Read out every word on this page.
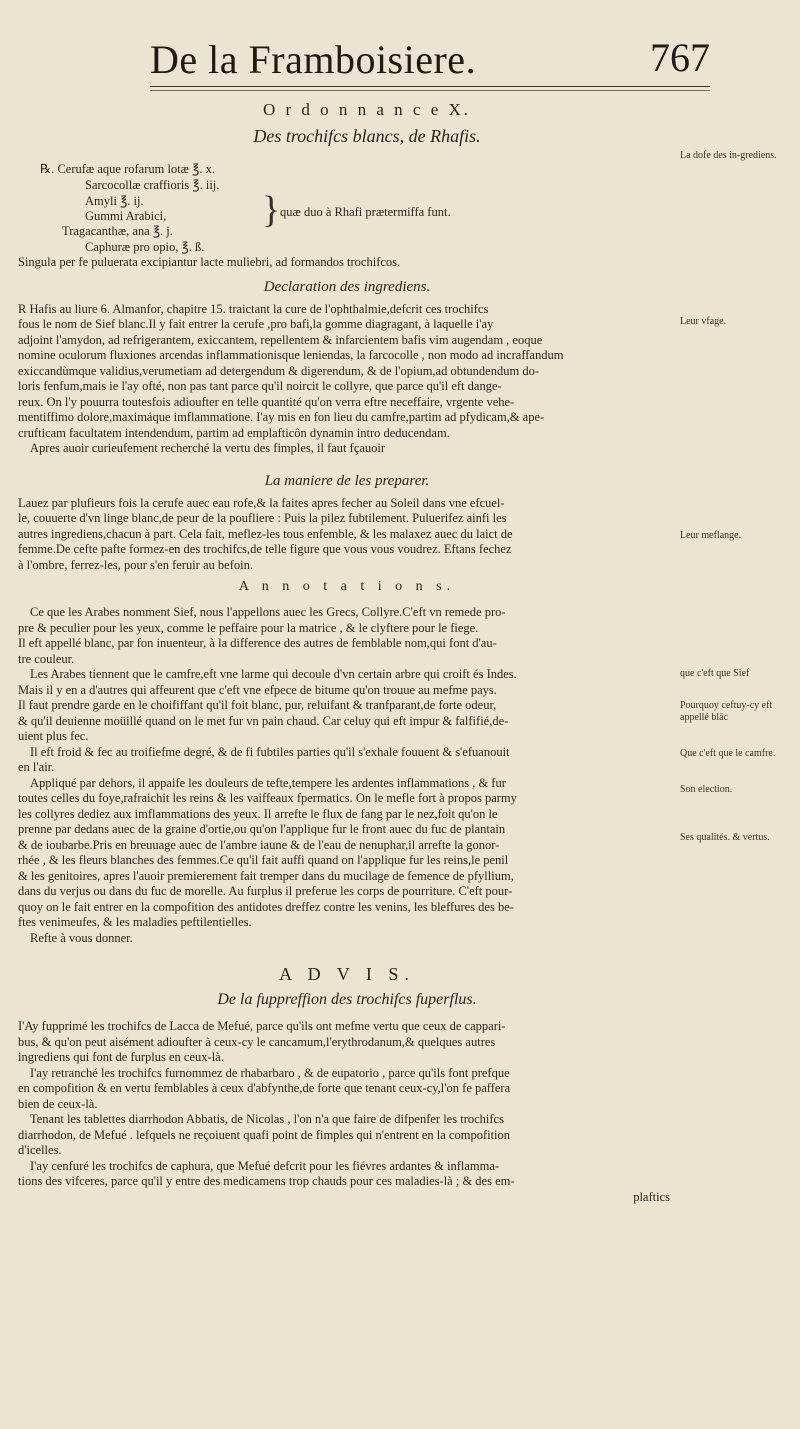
De la Framboisiere.	767
O r d o n n a n c e X.
Des trochifcs blancs, de Rhafis.
℞. Cerufæ aque rofarum lotæ ℥. x.
Sarcocollæ craffioris ℥. iij.
Amyli ℥. ij.
Gummi Arabici,
Tragacanthæ, ana ℥. j. } quæ duo à Rhafi prætermiffa funt.
Caphuræ pro opio, ℥. ß.
Singula per fe puluerata excipiantur lacte muliebri, ad formandos trochifcos.
Declaration des ingrediens.
R Hafis au liure 6. Almanfor, chapitre 15. traictant la cure de l'ophthalmie,defcrit ces trochifcs
fous le nom de Sief blanc.Il y fait entrer la cerufe ,pro bafi,la gomme diagragant, à laquelle i'ay
adjoint l'amydon, ad refrigerantem, exiccantem, repellentem & infarcientem bafis vim augendam , eoque
nomine oculorum fluxiones arcendas inflammationisque leniendas, la farcocolle , non modo ad incraffandum
exiccandùmque validius,verumetiam ad detergendum & digerendum, & de l'opium,ad obtundendum do-
loris fenfum,mais ie l'ay ofté, non pas tant parce qu'il noircit le collyre, que parce qu'il eft dange-
reux. On l'y pouurra toutesfois adioufter en telle quantité qu'on verra eftre neceffaire, vrgente vehe-
mentiffimo dolore,maximáque imflammatione. I'ay mis en fon lieu du camfre,partim ad pfydicam,& ape-
crufticam facultatem intendendum, partim ad emplafticôn dynamin intro deducendam.
Apres auoir curieufement recherché la vertu des fimples, il faut fçauoir
La maniere de les preparer.
Lauez par plufieurs fois la cerufe auec eau rofe,& la faites apres fecher au Soleil dans vne efcuel-
le, couuerte d'vn linge blanc,de peur de la poufliere : Puis la pilez fubtilement. Puluerifez ainfi les
autres ingrediens,chacun à part. Cela fait, meflez-les tous enfemble, & les malaxez auec du laict de
femme.De cefte pafte formez-en des trochifcs,de telle figure que vous vous voudrez. Eftans fechez
à l'ombre, ferrez-les, pour s'en feruir au befoin.
A n n o t a t i o n s.
Ce que les Arabes nomment Sief, nous l'appellons auec les Grecs, Collyre.C'eft vn remede pro-
pre & peculier pour les yeux, comme le peffaire pour la matrice , & le clyftere pour le fiege.
Il eft appellé blanc, par fon inuenteur, à la difference des autres de femblable nom,qui font d'au-
tre couleur.
Les Arabes tiennent que le camfre,eft vne larme qui decoule d'vn certain arbre qui croift és Indes.
Mais il y en a d'autres qui affeurent que c'eft vne efpece de bitume qu'on trouue au mefme pays.
Il faut prendre garde en le choififfant qu'il foit blanc, pur, reluifant & tranfparant,de forte odeur,
& qu'il deuienne moüillé quand on le met fur vn pain chaud. Car celuy qui eft impur & falfifié,de-
uient plus fec.
Il eft froid & fec au troifiefme degré, & de fi fubtiles parties qu'il s'exhale fouuent & s'efuanouit
en l'air.
Appliqué par dehors, il appaife les douleurs de tefte,tempere les ardentes inflammations , & fur
toutes celles du foye,rafraichit les reins & les vaiffeaux fpermatics. On le mefle fort à propos parmy
les collyres dediez aux imflammations des yeux. Il arrefte le flux de fang par le nez,foit qu'on le
prenne par dedans auec de la graine d'ortie,ou qu'on l'applique fur le front auec du fuc de plantain
& de ioubarbe.Pris en breuuage auec de l'ambre iaune & de l'eau de nenuphar,il arrefte la gonor-
rhée , & les fleurs blanches des femmes.Ce qu'il fait auffi quand on l'applique fur les reins,le penil
& les genitoires, apres l'auoir premierement fait tremper dans du mucilage de femence de pfyllium,
dans du verjus ou dans du fuc de morelle. Au furplus il preferue les corps de pourriture. C'eft pour-
quoy on le fait entrer en la compofition des antidotes dreffez contre les venins, les bleffures des be-
ftes venimeufes, & les maladies peftilentielles.
Refte à vous donner.
A D V I S.
De la fuppreffion des trochifcs fuperflus.
I'Ay fupprimé les trochifcs de Lacca de Mefué, parce qu'ils ont mefme vertu que ceux de cappari-
bus, & qu'on peut aisément adioufter à ceux-cy le cancamum,l'erythrodanum,& quelques autres
ingrediens qui font de furplus en ceux-là.
I'ay retranché les trochifcs furnommez de rhabarbaro , & de eupatorio , parce qu'ils font prefque
en compofition & en vertu femblables à ceux d'abfynthe,de forte que tenant ceux-cy,l'on fe paffera
bien de ceux-là.
Tenant les tablettes diarrhodon Abbatis, de Nicolas , l'on n'a que faire de difpenfer les trochifcs
diarrhodon, de Mefué . lefquels ne reçoiuent quafi point de fimples qui n'entrent en la compofition
d'icelles.
I'ay cenfuré les trochifcs de caphura, que Mefué defcrit pour les fiévres ardantes & inflamma-
tions des vifceres, parce qu'il y entre des medicamens trop chauds pour ces maladies-là ; & des em-
plaftics
La dofe des in-grediens.
Leur vfage.
Leur meflange.
que c'eft que Sief
Pourquoy ceftuy-cy eft appellé blāc
Que c'eft que le camfre.
Son election.
Ses qualités. & vertus.
